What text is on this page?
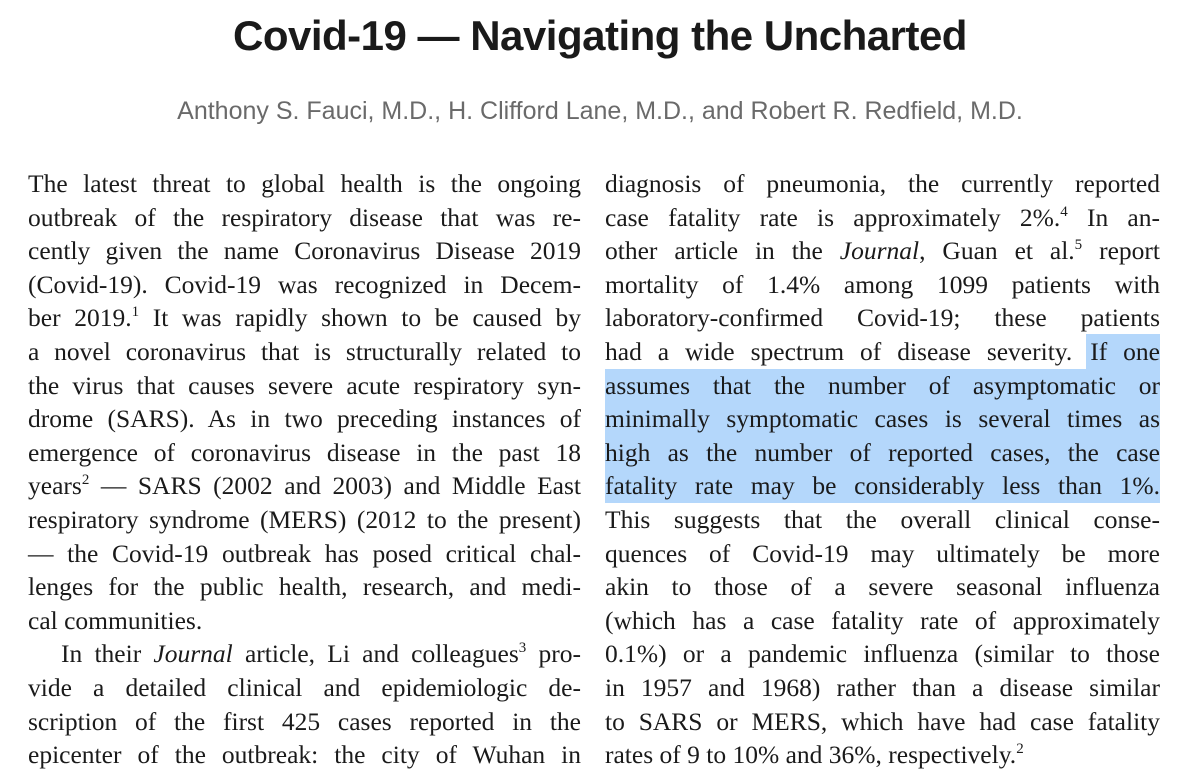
Covid-19 — Navigating the Uncharted
Anthony S. Fauci, M.D., H. Clifford Lane, M.D., and Robert R. Redfield, M.D.
The latest threat to global health is the ongoing
outbreak of the respiratory disease that was re-
cently given the name Coronavirus Disease 2019
(Covid-19). Covid-19 was recognized in Decem-
ber 2019.$^1$ It was rapidly shown to be caused by
a novel coronavirus that is structurally related to
the virus that causes severe acute respiratory syn-
drome (SARS). As in two preceding instances of
emergence of coronavirus disease in the past 18
years$^2$ — SARS (2002 and 2003) and Middle East
respiratory syndrome (MERS) (2012 to the present)
— the Covid-19 outbreak has posed critical chal-
lenges for the public health, research, and medi-
cal communities.
In their Journal article, Li and colleagues$^3$ pro-
vide a detailed clinical and epidemiologic de-
scription of the first 425 cases reported in the
epicenter of the outbreak: the city of Wuhan in
diagnosis of pneumonia, the currently reported
case fatality rate is approximately 2%.$^4$ In an-
other article in the Journal, Guan et al.$^5$ report
mortality of 1.4% among 1099 patients with
laboratory-confirmed Covid-19; these patients
had a wide spectrum of disease severity. If one
assumes that the number of asymptomatic or
minimally symptomatic cases is several times as
high as the number of reported cases, the case
fatality rate may be considerably less than 1%.
This suggests that the overall clinical conse-
quences of Covid-19 may ultimately be more
akin to those of a severe seasonal influenza
(which has a case fatality rate of approximately
0.1%) or a pandemic influenza (similar to those
in 1957 and 1968) rather than a disease similar
to SARS or MERS, which have had case fatality
rates of 9 to 10% and 36%, respectively.$^2$
